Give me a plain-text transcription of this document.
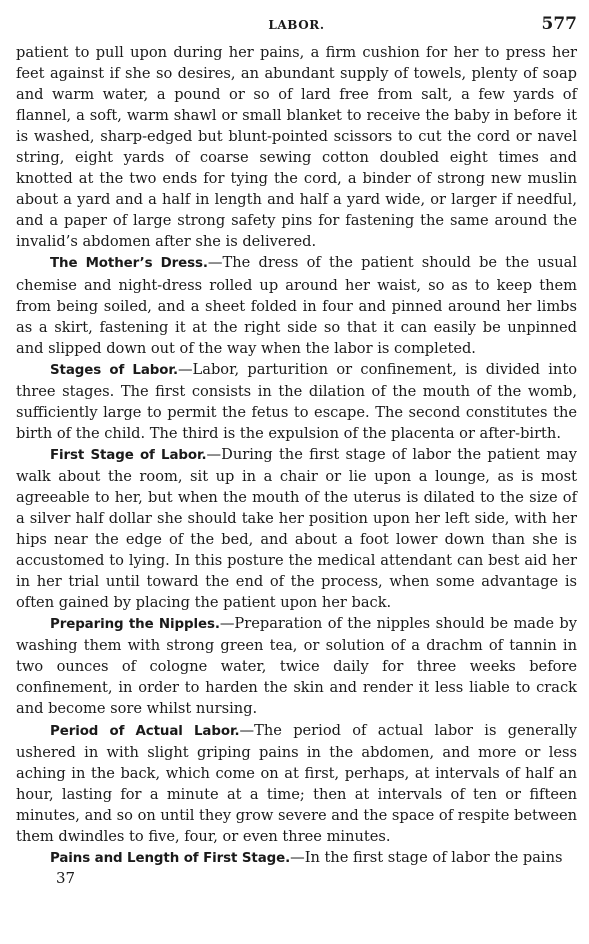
LABOR.	577

patient to pull upon during her pains, a firm cushion for her to press her feet against if she so desires, an abundant supply of towels, plenty of soap and warm water, a pound or so of lard free from salt, a few yards of flannel, a soft, warm shawl or small blanket to receive the baby in before it is washed, sharp-edged but blunt-pointed scissors to cut the cord or navel string, eight yards of coarse sewing cotton doubled eight times and knotted at the two ends for tying the cord, a binder of strong new muslin about a yard and a half in length and half a yard wide, or larger if needful, and a paper of large strong safety pins for fastening the same around the invalid’s abdomen after she is delivered.

The Mother’s Dress.—The dress of the patient should be the usual chemise and night-dress rolled up around her waist, so as to keep them from being soiled, and a sheet folded in four and pinned around her limbs as a skirt, fastening it at the right side so that it can easily be unpinned and slipped down out of the way when the labor is completed.

Stages of Labor.—Labor, parturition or confinement, is divided into three stages. The first consists in the dilation of the mouth of the womb, sufficiently large to permit the fetus to escape. The second constitutes the birth of the child. The third is the expulsion of the placenta or after-birth.

First Stage of Labor.—During the first stage of labor the patient may walk about the room, sit up in a chair or lie upon a lounge, as is most agreeable to her, but when the mouth of the uterus is dilated to the size of a silver half dollar she should take her position upon her left side, with her hips near the edge of the bed, and about a foot lower down than she is accustomed to lying. In this posture the medical attendant can best aid her in her trial until toward the end of the process, when some advantage is often gained by placing the patient upon her back.

Preparing the Nipples.—Preparation of the nipples should be made by washing them with strong green tea, or solution of a drachm of tannin in two ounces of cologne water, twice daily for three weeks before confinement, in order to harden the skin and render it less liable to crack and become sore whilst nursing.

Period of Actual Labor.—The period of actual labor is generally ushered in with slight griping pains in the abdomen, and more or less aching in the back, which come on at first, perhaps, at intervals of half an hour, lasting for a minute at a time; then at intervals of ten or fifteen minutes, and so on until they grow severe and the space of respite between them dwindles to five, four, or even three minutes.

Pains and Length of First Stage.—In the first stage of labor the pains

37
